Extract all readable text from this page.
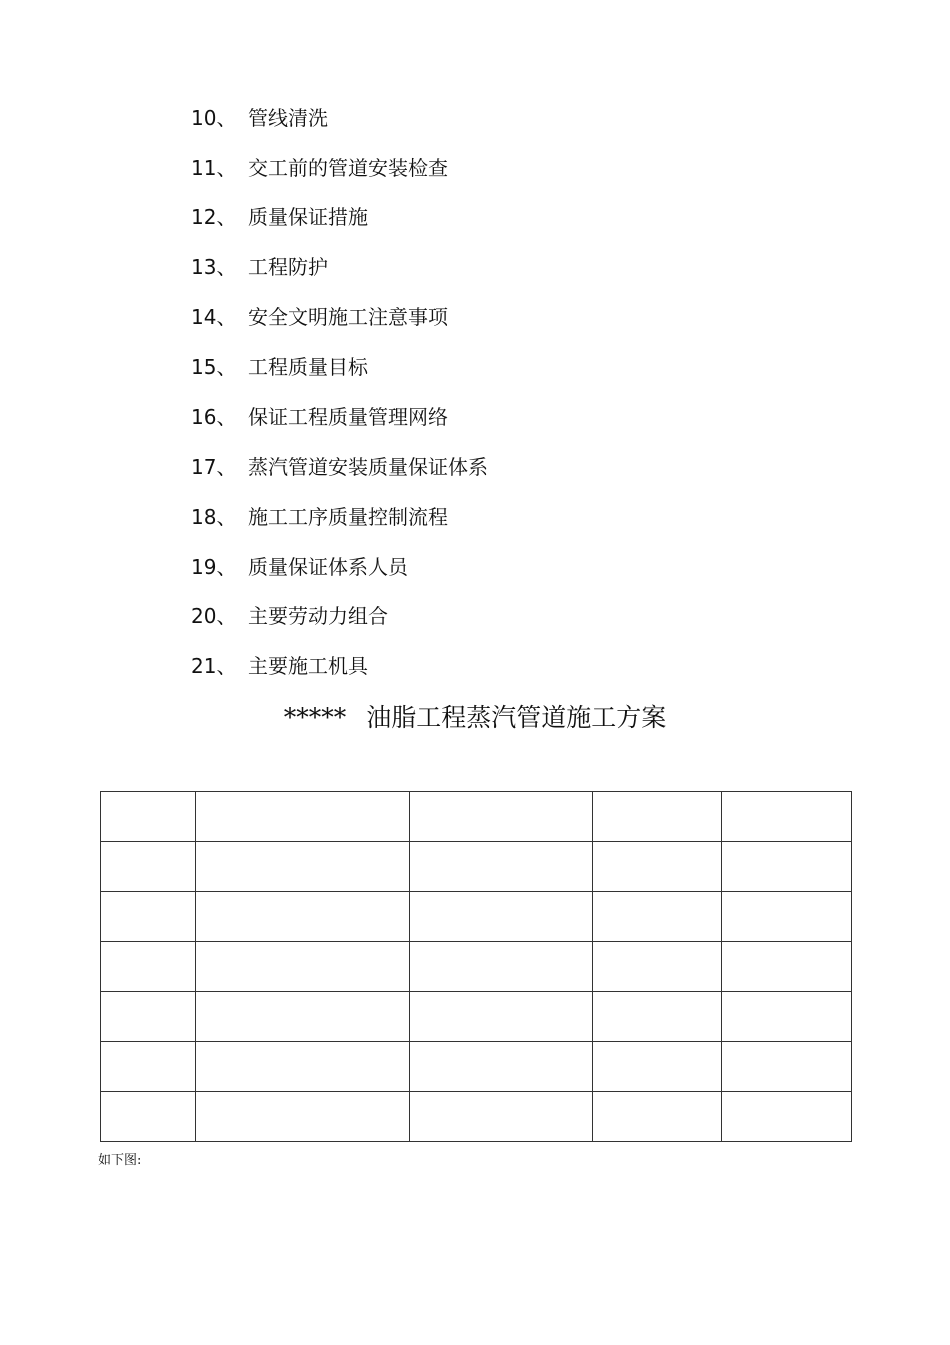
10、 管线清洗
11、 交工前的管道安装检查
12、 质量保证措施
13、 工程防护
14、 安全文明施工注意事项
15、 工程质量目标
16、 保证工程质量管理网络
17、 蒸汽管道安装质量保证体系
18、 施工工序质量控制流程
19、 质量保证体系人员
20、 主要劳动力组合
21、 主要施工机具
***** 油脂工程蒸汽管道施工方案

如下图:
